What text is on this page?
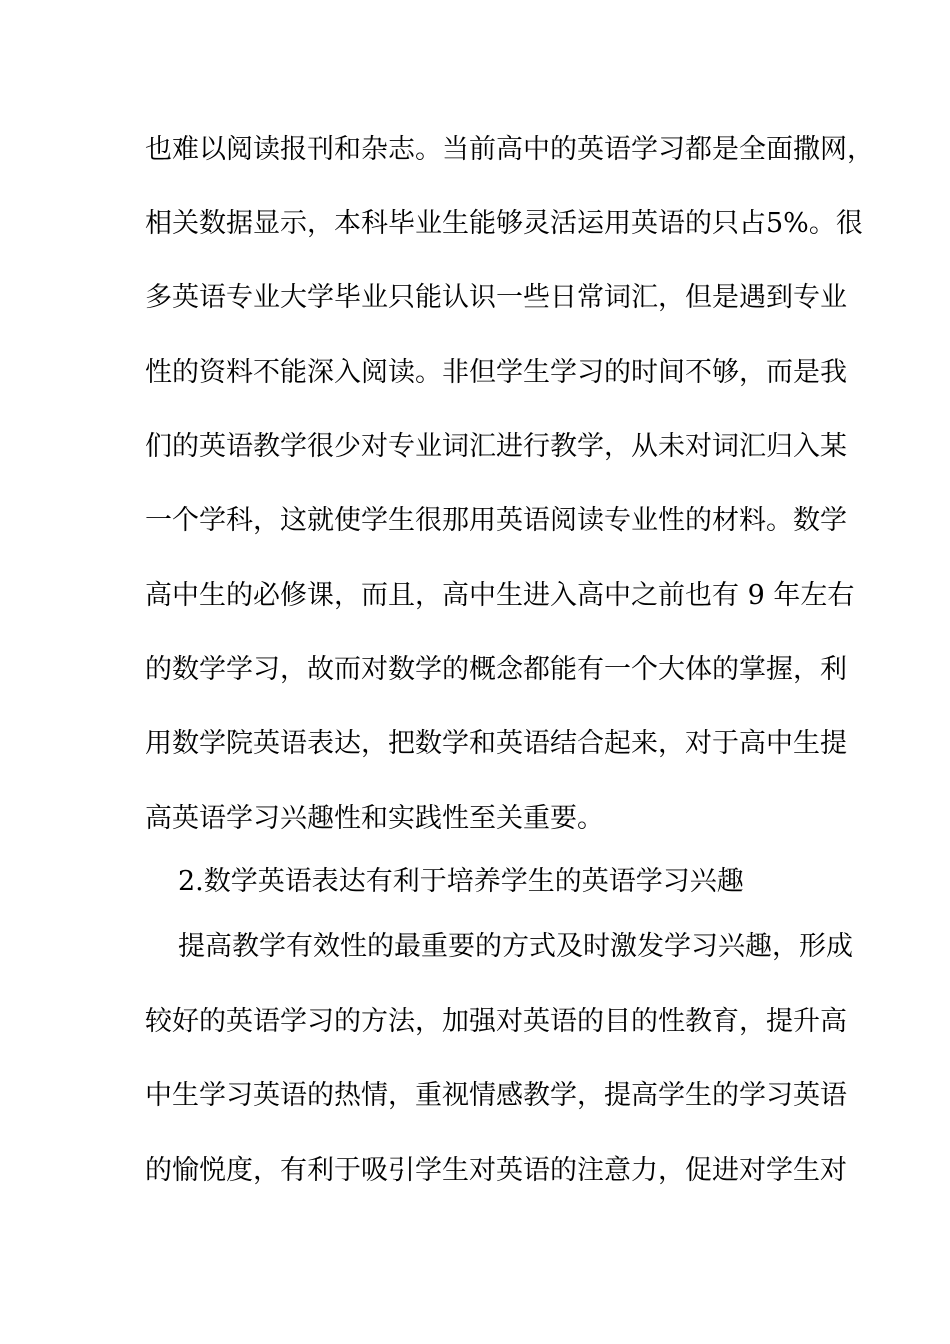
也难以阅读报刊和杂志。当前高中的英语学习都是全面撒网，
相关数据显示，本科毕业生能够灵活运用英语的只占5%。很
多英语专业大学毕业只能认识一些日常词汇，但是遇到专业
性的资料不能深入阅读。非但学生学习的时间不够，而是我
们的英语教学很少对专业词汇进行教学，从未对词汇归入某
一个学科，这就使学生很那用英语阅读专业性的材料。数学
高中生的必修课，而且，高中生进入高中之前也有 9 年左右
的数学学习，故而对数学的概念都能有一个大体的掌握，利
用数学院英语表达，把数学和英语结合起来，对于高中生提
高英语学习兴趣性和实践性至关重要。
2.数学英语表达有利于培养学生的英语学习兴趣
提高教学有效性的最重要的方式及时激发学习兴趣，形成
较好的英语学习的方法，加强对英语的目的性教育，提升高
中生学习英语的热情，重视情感教学，提高学生的学习英语
的愉悦度，有利于吸引学生对英语的注意力，促进对学生对
